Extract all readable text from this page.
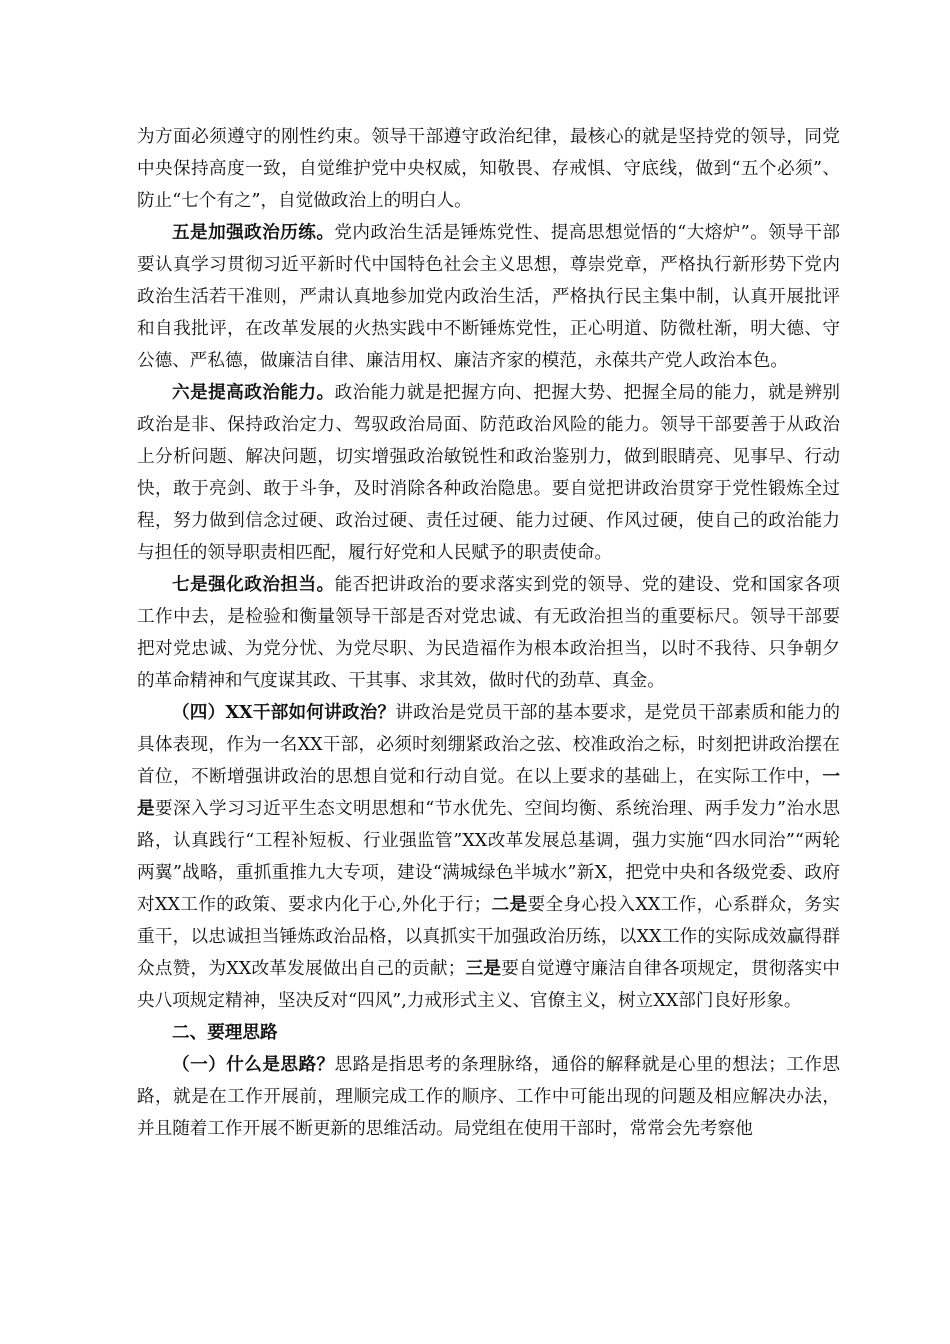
为方面必须遵守的刚性约束。领导干部遵守政治纪律，最核心的就是坚持党的领导，同党中央保持高度一致，自觉维护党中央权威，知敬畏、存戒惧、守底线，做到“五个必须”、防止“七个有之”，自觉做政治上的明白人。

五是加强政治历练。党内政治生活是锤炼党性、提高思想觉悟的“大熔炉”。领导干部要认真学习贯彻习近平新时代中国特色社会主义思想，尊崇党章，严格执行新形势下党内政治生活若干准则，严肃认真地参加党内政治生活，严格执行民主集中制，认真开展批评和自我批评，在改革发展的火热实践中不断锤炼党性，正心明道、防微杜渐，明大德、守公德、严私德，做廉洁自律、廉洁用权、廉洁齐家的模范，永葆共产党人政治本色。

六是提高政治能力。政治能力就是把握方向、把握大势、把握全局的能力，就是辨别政治是非、保持政治定力、驾驭政治局面、防范政治风险的能力。领导干部要善于从政治上分析问题、解决问题，切实增强政治敏锐性和政治鉴别力，做到眼睛亮、见事早、行动快，敢于亮剑、敢于斗争，及时消除各种政治隐患。要自觉把讲政治贯穿于党性锻炼全过程，努力做到信念过硬、政治过硬、责任过硬、能力过硬、作风过硬，使自己的政治能力与担任的领导职责相匹配，履行好党和人民赋予的职责使命。

七是强化政治担当。能否把讲政治的要求落实到党的领导、党的建设、党和国家各项工作中去，是检验和衡量领导干部是否对党忠诚、有无政治担当的重要标尺。领导干部要把对党忠诚、为党分忧、为党尽职、为民造福作为根本政治担当，以时不我待、只争朝夕的革命精神和气度谋其政、干其事、求其效，做时代的劲草、真金。

（四）XX干部如何讲政治？讲政治是党员干部的基本要求，是党员干部素质和能力的具体表现，作为一名XX干部，必须时刻绷紧政治之弦、校准政治之标，时刻把讲政治摆在首位，不断增强讲政治的思想自觉和行动自觉。在以上要求的基础上，在实际工作中，一是要深入学习习近平生态文明思想和“节水优先、空间均衡、系统治理、两手发力”治水思路，认真践行“工程补短板、行业强监管”XX改革发展总基调，强力实施“四水同治”“两轮两翼”战略，重抓重推九大专项，建设“满城绿色半城水”新X，把党中央和各级党委、政府对XX工作的政策、要求内化于心,外化于行；二是要全身心投入XX工作，心系群众，务实重干，以忠诚担当锤炼政治品格，以真抓实干加强政治历练，以XX工作的实际成效赢得群众点赞，为XX改革发展做出自己的贡献；三是要自觉遵守廉洁自律各项规定，贯彻落实中央八项规定精神，坚决反对“四风”,力戒形式主义、官僚主义，树立XX部门良好形象。

二、要理思路

（一）什么是思路？思路是指思考的条理脉络，通俗的解释就是心里的想法；工作思路，就是在工作开展前，理顺完成工作的顺序、工作中可能出现的问题及相应解决办法，并且随着工作开展不断更新的思维活动。局党组在使用干部时，常常会先考察他
